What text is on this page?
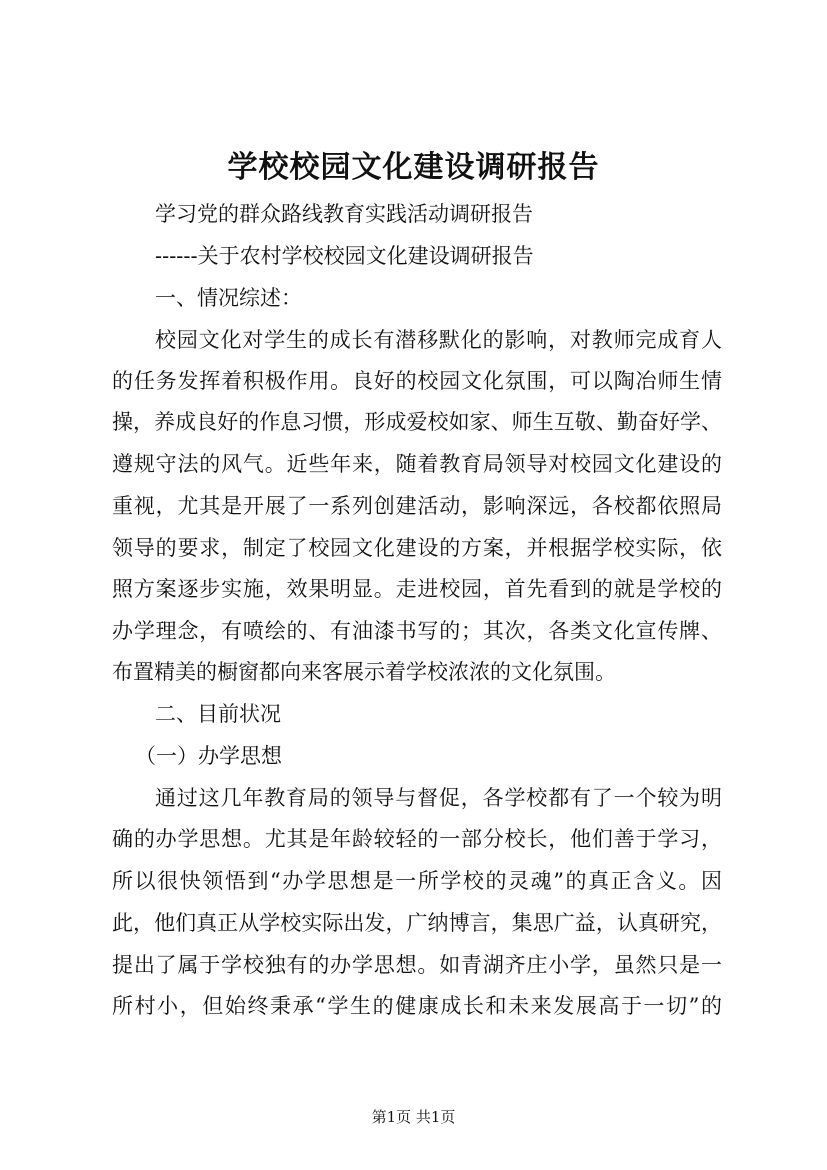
学校校园文化建设调研报告
学习党的群众路线教育实践活动调研报告
------关于农村学校校园文化建设调研报告
一、情况综述：
校园文化对学生的成长有潜移默化的影响，对教师完成育人
的任务发挥着积极作用。良好的校园文化氛围，可以陶冶师生情
操，养成良好的作息习惯，形成爱校如家、师生互敬、勤奋好学、
遵规守法的风气。近些年来，随着教育局领导对校园文化建设的
重视，尤其是开展了一系列创建活动，影响深远，各校都依照局
领导的要求，制定了校园文化建设的方案，并根据学校实际，依
照方案逐步实施，效果明显。走进校园，首先看到的就是学校的
办学理念，有喷绘的、有油漆书写的；其次，各类文化宣传牌、
布置精美的橱窗都向来客展示着学校浓浓的文化氛围。
二、目前状况
（一）办学思想
通过这几年教育局的领导与督促，各学校都有了一个较为明
确的办学思想。尤其是年龄较轻的一部分校长，他们善于学习，
所以很快领悟到“办学思想是一所学校的灵魂”的真正含义。因
此，他们真正从学校实际出发，广纳博言，集思广益，认真研究，
提出了属于学校独有的办学思想。如青湖齐庄小学，虽然只是一
所村小，但始终秉承“学生的健康成长和未来发展高于一切”的
第1页 共1页
